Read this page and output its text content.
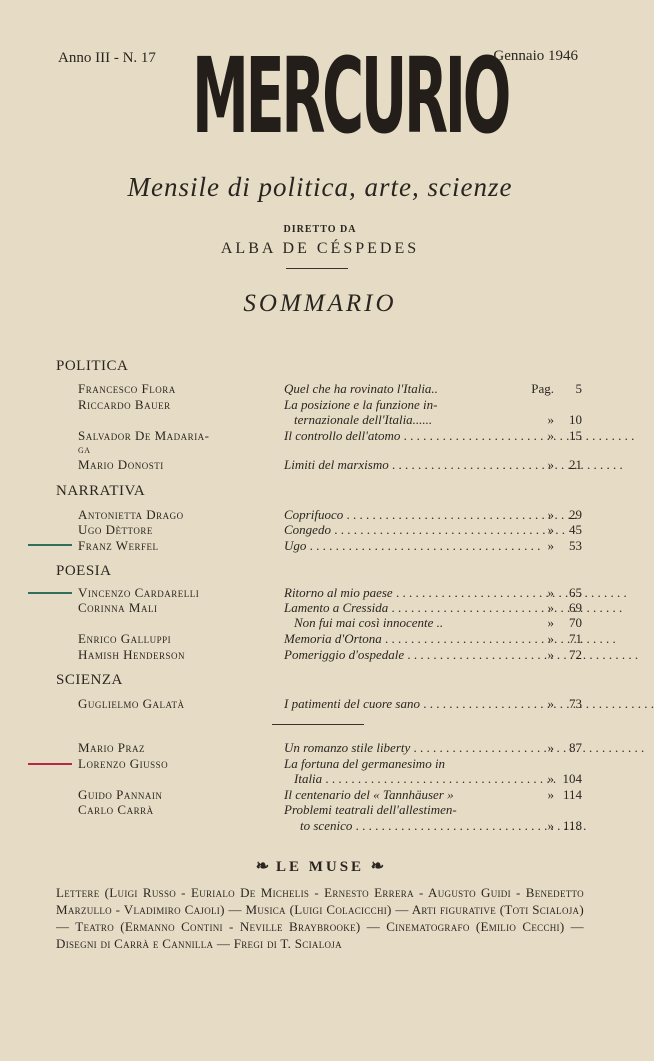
Anno III - N. 17 MERCURIO
Gennaio 1946
Mensile di politica, arte, scienze
DIRETTO DA
ALBA DE CÉSPEDES
SOMMARIO
POLITICA
NARRATIVA
POESIA
SCIENZA
Francesco Flora	Quel che ha rovinato l'Italia..	Pag.	5
Riccardo Bauer	La posizione e la funzione in-
ternazionale dell'Italia......	»	10
Salvador De Madaria-	Il controllo dell'atomo . . .	»	15
ga
Mario Donosti	Limiti del marxismo . . .	»	21
Antonietta Drago	Coprifuoco . . .	»	29
Ugo Dèttore	Congedo . . .	»	45
Franz Werfel	Ugo . . .	»	53
Vincenzo Cardarelli	Ritorno al mio paese . . .	»	65
Corinna Mali	Lamento a Cressida . . .	»	69
Non fui mai così innocente ..	»	70
Enrico Galluppi	Memoria d'Ortona . . .	»	71
Hamish Henderson	Pomeriggio d'ospedale . . .	»	72
Guglielmo Galatà	I patimenti del cuore sano . . .	»	73
Mario Praz	Un romanzo stile liberty . . .	»	87
Lorenzo Giusso	La fortuna del germanesimo in
Italia . . .	» 104
Guido Pannain	Il centenario del « Tannhäuser »	» 114
Carlo Carrà	Problemi teatrali dell'allestimen-
to scenico . . .	» 118
❧ LE MUSE ❧
Lettere (Luigi Russo - Eurialo De Michelis - Ernesto Errera - Augusto Guidi - Benedetto Marzullo - Vladimiro Cajoli) — Musica (Luigi Colacicchi) — Arti figurative (Toti Scialoja) — Teatro (Ermanno Contini - Neville Braybrooke) — Cinematografo (Emilio Cecchi) — Disegni di Carrà e Cannilla — Fregi di T. Scialoja
